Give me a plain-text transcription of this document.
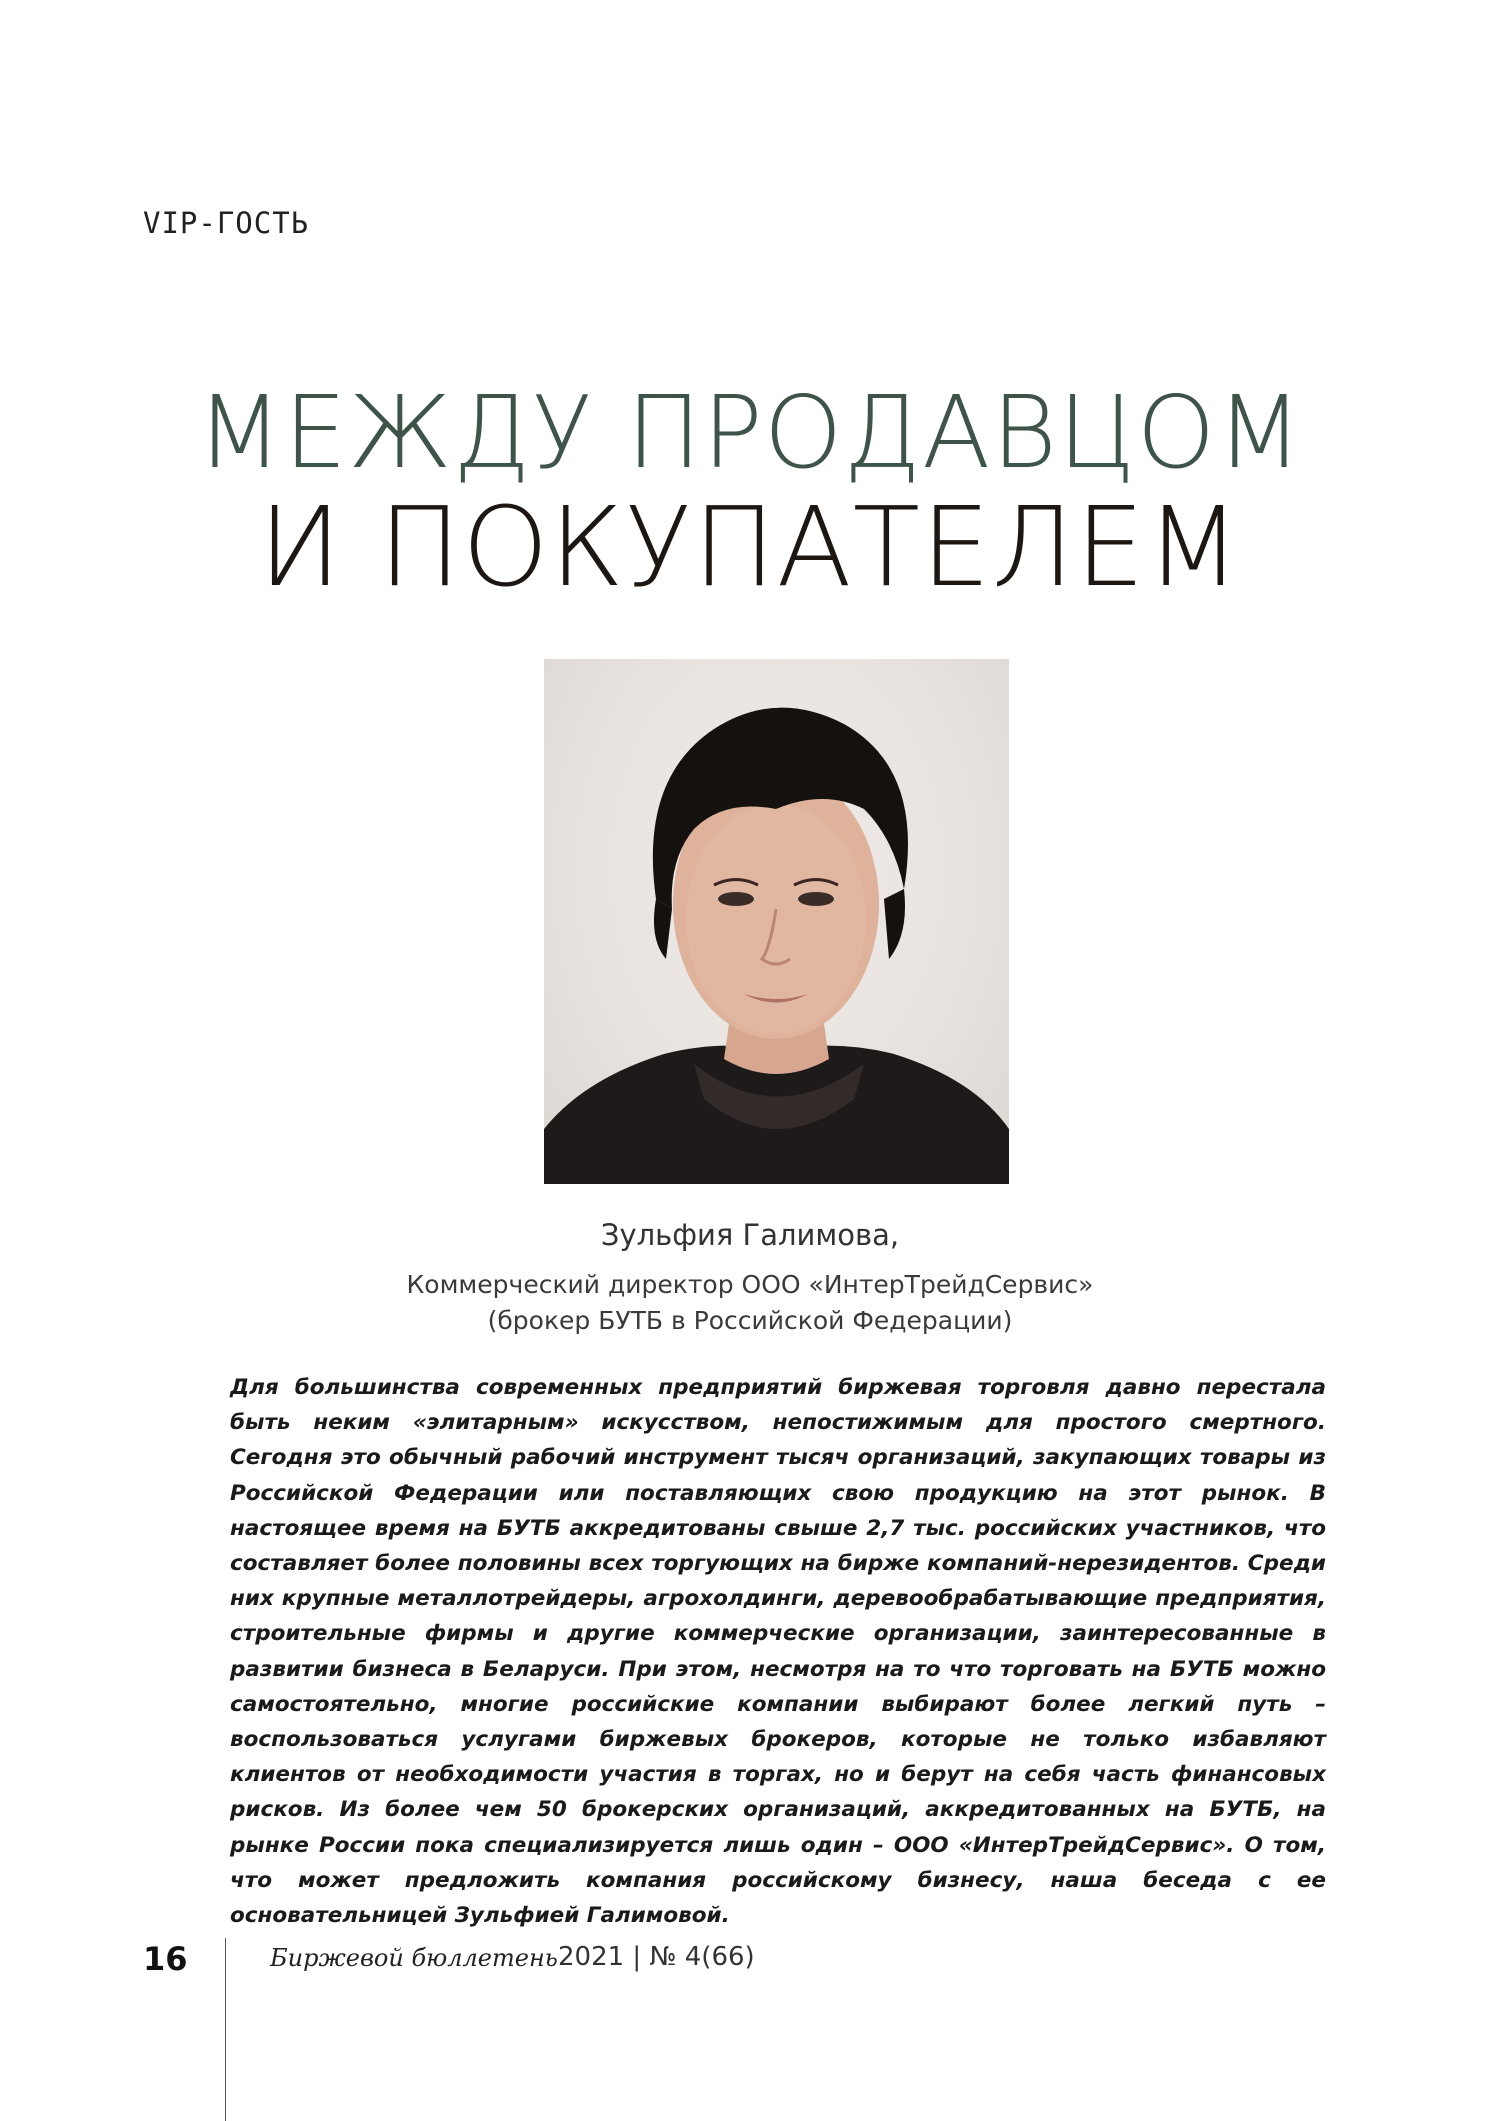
VIP-ГОСТЬ
МЕЖДУ ПРОДАВЦОМ
И ПОКУПАТЕЛЕМ
Зульфия Галимова,
Коммерческий директор ООО «ИнтерТрейдСервис»
(брокер БУТБ в Российской Федерации)
Для большинства современных предприятий биржевая торговля давно перестала быть неким «элитарным» искусством, непостижимым для простого смертного. Сегодня это обычный рабочий инструмент тысяч организаций, закупающих товары из Российской Федерации или поставляющих свою продукцию на этот рынок. В настоящее время на БУТБ аккредитованы свыше 2,7 тыс. российских участников, что составляет более половины всех торгующих на бирже компаний-нерезидентов. Среди них крупные металлотрейдеры, агрохолдинги, деревообрабатывающие предприятия, строительные фирмы и другие коммерческие организации, заинтересованные в развитии бизнеса в Беларуси. При этом, несмотря на то что торговать на БУТБ можно самостоятельно, многие российские компании выбирают более легкий путь – воспользоваться услугами биржевых брокеров, которые не только избавляют клиентов от необходимости участия в торгах, но и берут на себя часть финансовых рисков. Из более чем 50 брокерских организаций, аккредитованных на БУТБ, на рынке России пока специализируется лишь один – ООО «ИнтерТрейдСервис». О том, что может предложить компания российскому бизнесу, наша беседа с ее основательницей Зульфией Галимовой.
16	Биржевой бюллетень 2021 | № 4(66)
